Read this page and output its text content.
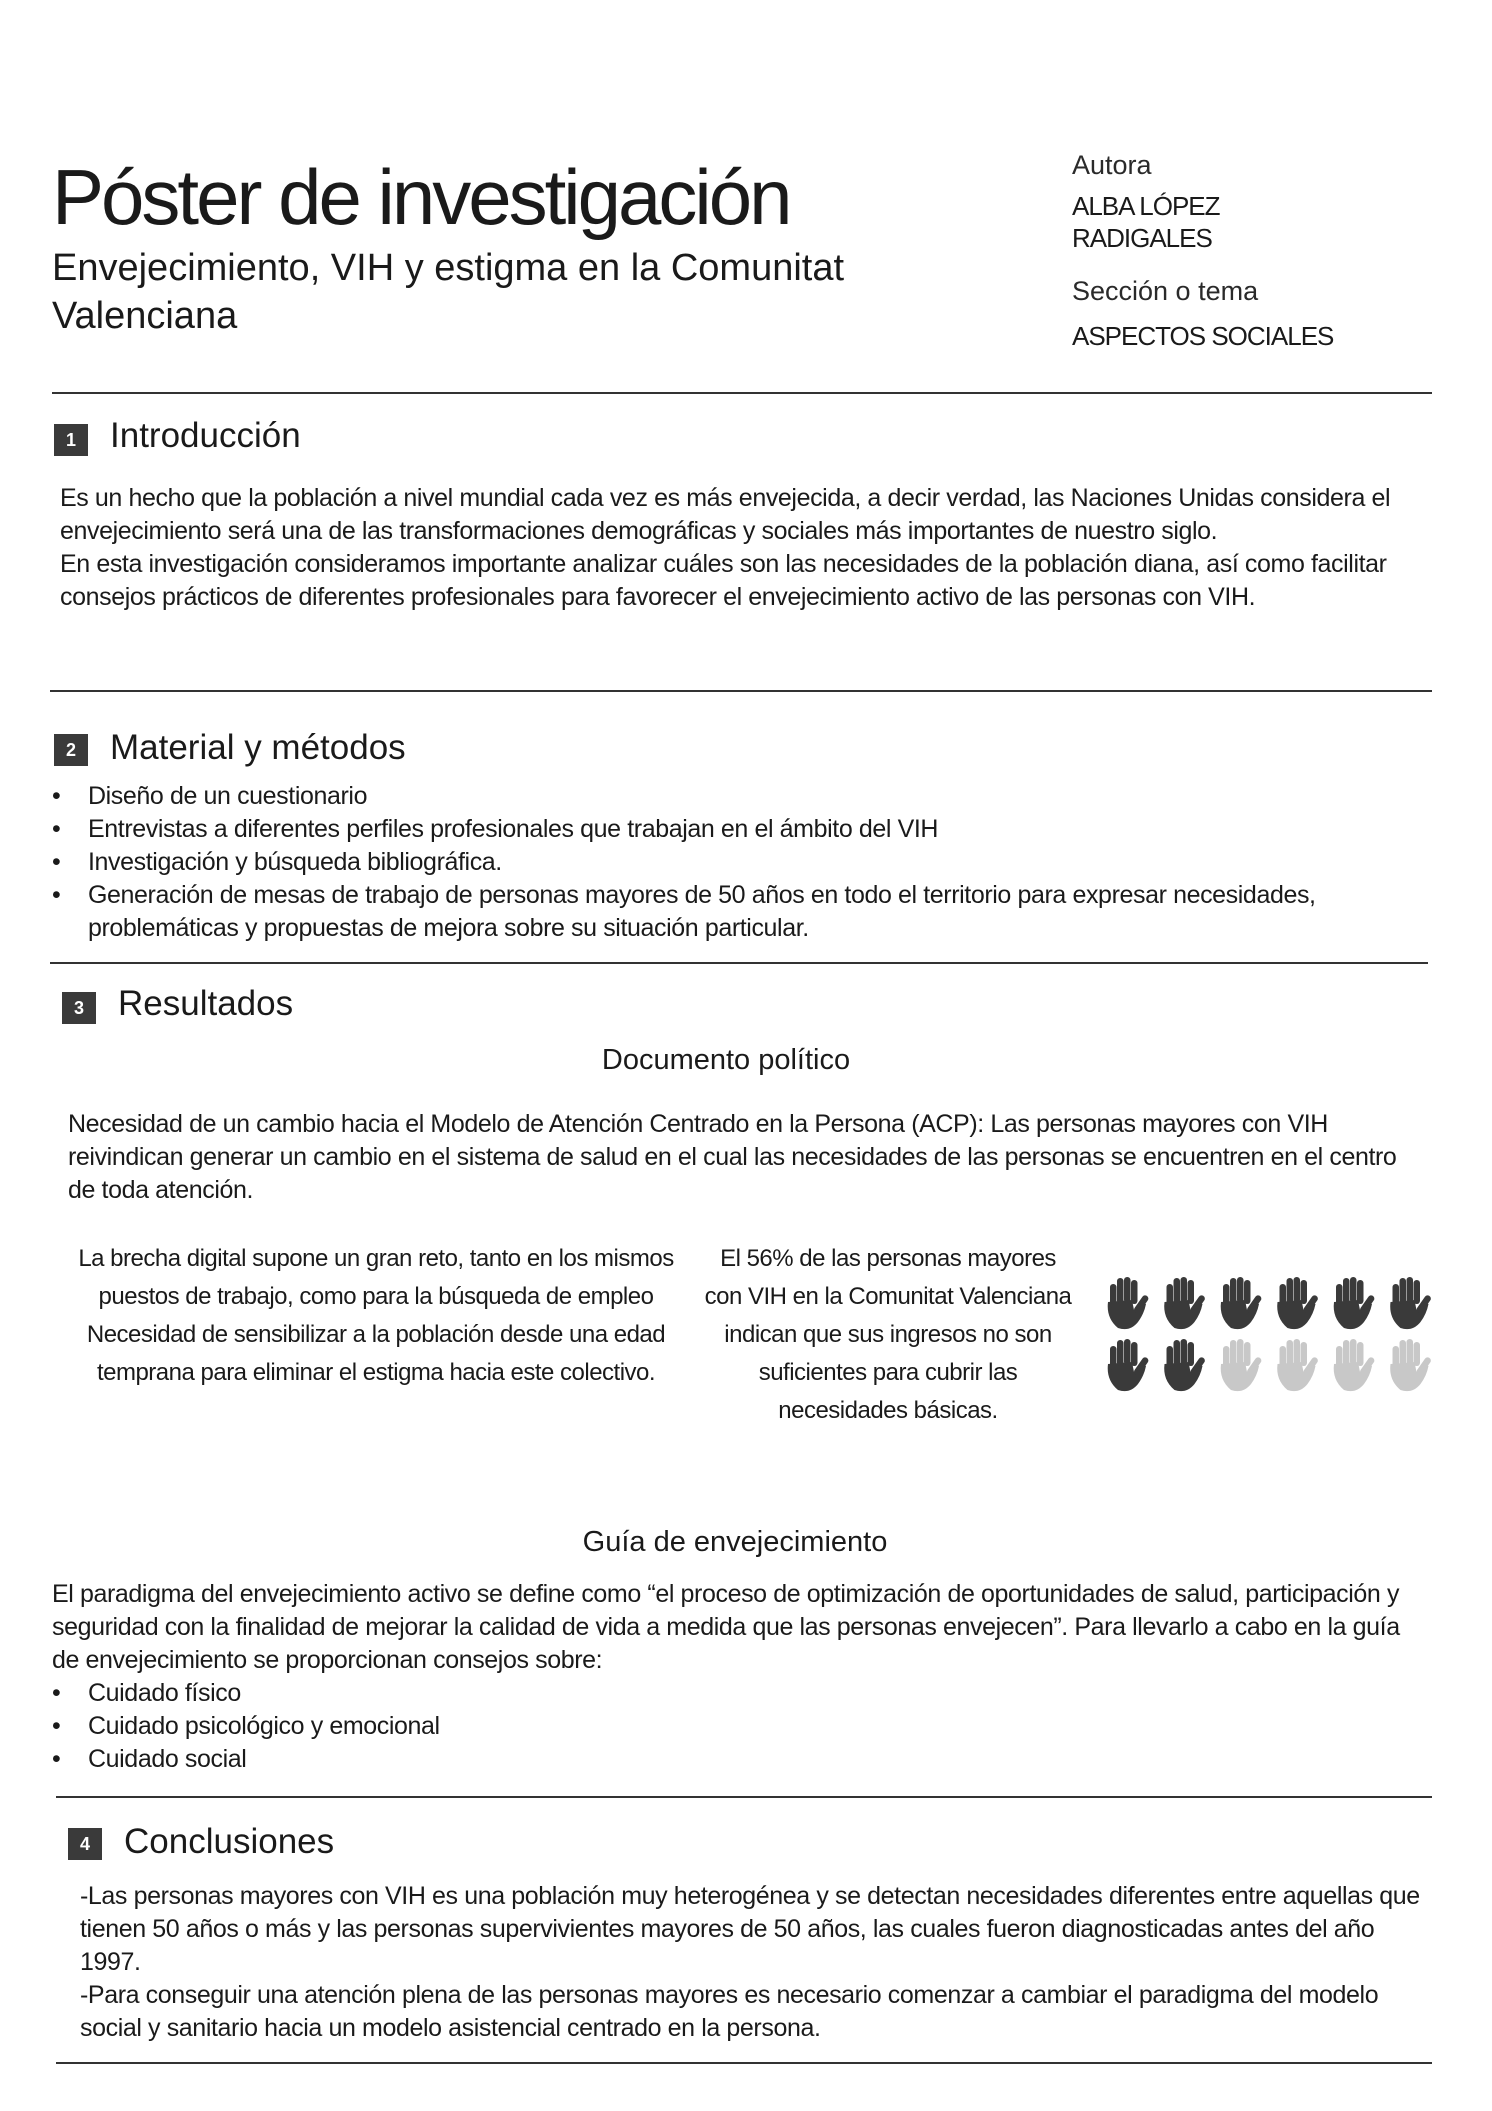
Póster de investigación
Envejecimiento, VIH y estigma en la Comunitat Valenciana
Autora
ALBA LÓPEZ
RADIGALES
Sección o tema
ASPECTOS SOCIALES
1 Introducción

Es un hecho que la población a nivel mundial cada vez es más envejecida, a decir verdad, las Naciones Unidas considera el envejecimiento será una de las transformaciones demográficas y sociales más importantes de nuestro siglo.

En esta investigación consideramos importante analizar cuáles son las necesidades de la población diana, así como facilitar consejos prácticos de diferentes profesionales para favorecer el envejecimiento activo de las personas con VIH.

2 Material y métodos
• Diseño de un cuestionario
• Entrevistas a diferentes perfiles profesionales que trabajan en el ámbito del VIH
• Investigación y búsqueda bibliográfica.
• Generación de mesas de trabajo de personas mayores de 50 años en todo el territorio para expresar necesidades, problemáticas y propuestas de mejora sobre su situación particular.
3 Resultados
Documento político
Necesidad de un cambio hacia el Modelo de Atención Centrado en la Persona (ACP): Las personas mayores con VIH reivindican generar un cambio en el sistema de salud en el cual las necesidades de las personas se encuentren en el centro de toda atención.
La brecha digital supone un gran reto, tanto en los mismos puestos de trabajo, como para la búsqueda de empleo
Necesidad de sensibilizar a la población desde una edad temprana para eliminar el estigma hacia este colectivo.
El 56% de las personas mayores con VIH en la Comunitat Valenciana indican que sus ingresos no son suficientes para cubrir las necesidades básicas.
Guía de envejecimiento

El paradigma del envejecimiento activo se define como “el proceso de optimización de oportunidades de salud, participación y seguridad con la finalidad de mejorar la calidad de vida a medida que las personas envejecen”. Para llevarlo a cabo en la guía de envejecimiento se proporcionan consejos sobre:

• Cuidado físico
• Cuidado psicológico y emocional
• Cuidado social
4 Conclusiones

-Las personas mayores con VIH es una población muy heterogénea y se detectan necesidades diferentes entre aquellas que tienen 50 años o más y las personas supervivientes mayores de 50 años, las cuales fueron diagnosticadas antes del año 1997.

-Para conseguir una atención plena de las personas mayores es necesario comenzar a cambiar el paradigma del modelo social y sanitario hacia un modelo asistencial centrado en la persona.
